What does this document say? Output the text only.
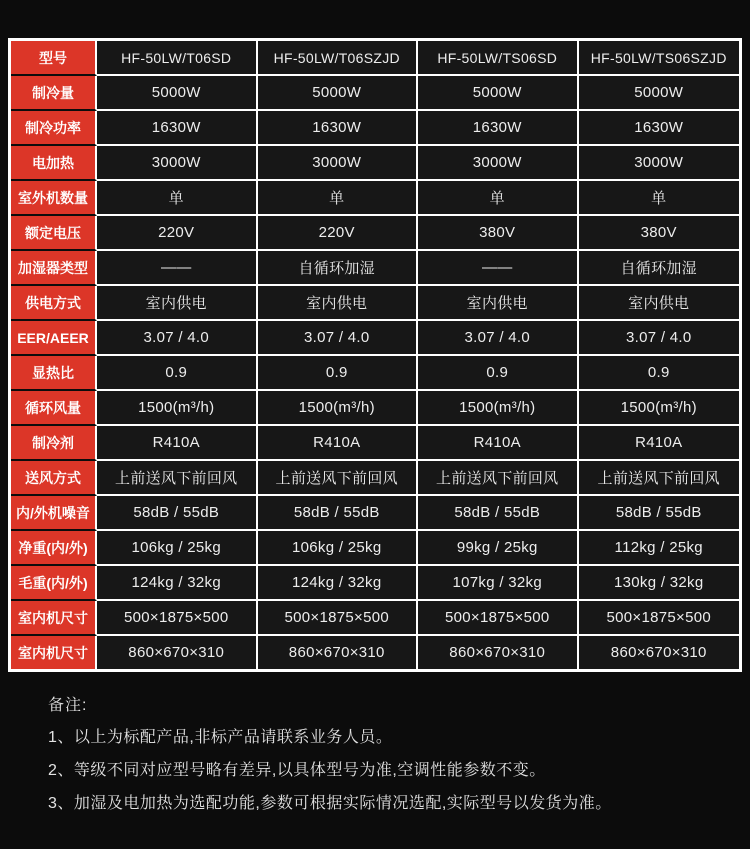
型号	HF-50LW/T06SD	HF-50LW/T06SZJD	HF-50LW/TS06SD	HF-50LW/TS06SZJD
制冷量	5000W	5000W	5000W	5000W
制冷功率	1630W	1630W	1630W	1630W
电加热	3000W	3000W	3000W	3000W
室外机数量	单	单	单	单
额定电压	220V	220V	380V	380V
加湿器类型	——	自循环加湿	——	自循环加湿
供电方式	室内供电	室内供电	室内供电	室内供电
EER/AEER	3.07 / 4.0	3.07 / 4.0	3.07 / 4.0	3.07 / 4.0
显热比	0.9	0.9	0.9	0.9
循环风量	1500(m³/h)	1500(m³/h)	1500(m³/h)	1500(m³/h)
制冷剂	R410A	R410A	R410A	R410A
送风方式	上前送风下前回风	上前送风下前回风	上前送风下前回风	上前送风下前回风
内/外机噪音	58dB / 55dB	58dB / 55dB	58dB / 55dB	58dB / 55dB
净重(内/外)	106kg / 25kg	106kg / 25kg	99kg / 25kg	112kg / 25kg
毛重(内/外)	124kg / 32kg	124kg / 32kg	107kg / 32kg	130kg / 32kg
室内机尺寸	500×1875×500	500×1875×500	500×1875×500	500×1875×500
室内机尺寸	860×670×310	860×670×310	860×670×310	860×670×310
备注:
1、以上为标配产品,非标产品请联系业务人员。
2、等级不同对应型号略有差异,以具体型号为准,空调性能参数不变。
3、加湿及电加热为选配功能,参数可根据实际情况选配,实际型号以发货为准。
